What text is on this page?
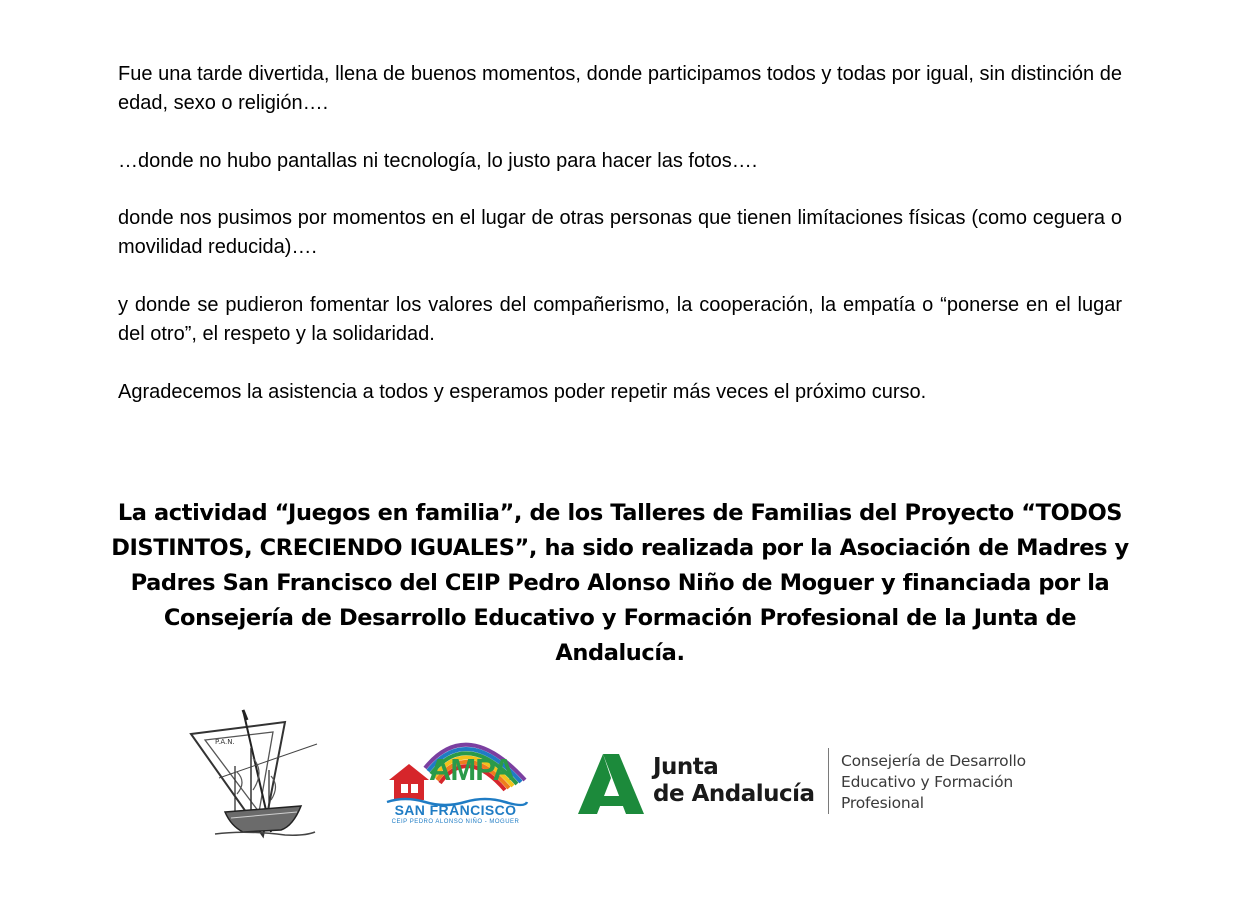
Fue una tarde divertida, llena de buenos momentos, donde participamos todos y todas por igual, sin distinción de edad, sexo o religión….

…donde no hubo pantallas ni tecnología, lo justo para hacer las fotos….

donde nos pusimos por momentos en el lugar de otras personas que tienen limítaciones físicas (como ceguera o movilidad reducida)….

y donde se pudieron fomentar los valores del compañerismo, la cooperación, la empatía o “ponerse en el lugar del otro”, el respeto y la solidaridad.

Agradecemos la asistencia a todos y esperamos poder repetir más veces el próximo curso.

La actividad “Juegos en familia”, de los Talleres de Familias del Proyecto “TODOS DISTINTOS, CRECIENDO IGUALES”, ha sido realizada por la Asociación de Madres y Padres San Francisco del CEIP Pedro Alonso Niño de Moguer y financiada por la Consejería de Desarrollo Educativo y Formación Profesional de la Junta de Andalucía.

P.A.N.
AMPA
SAN FRANCISCO
CEIP PEDRO ALONSO NIÑO - MOGUER
Junta
de Andalucía
Consejería de Desarrollo
Educativo y Formación
Profesional
